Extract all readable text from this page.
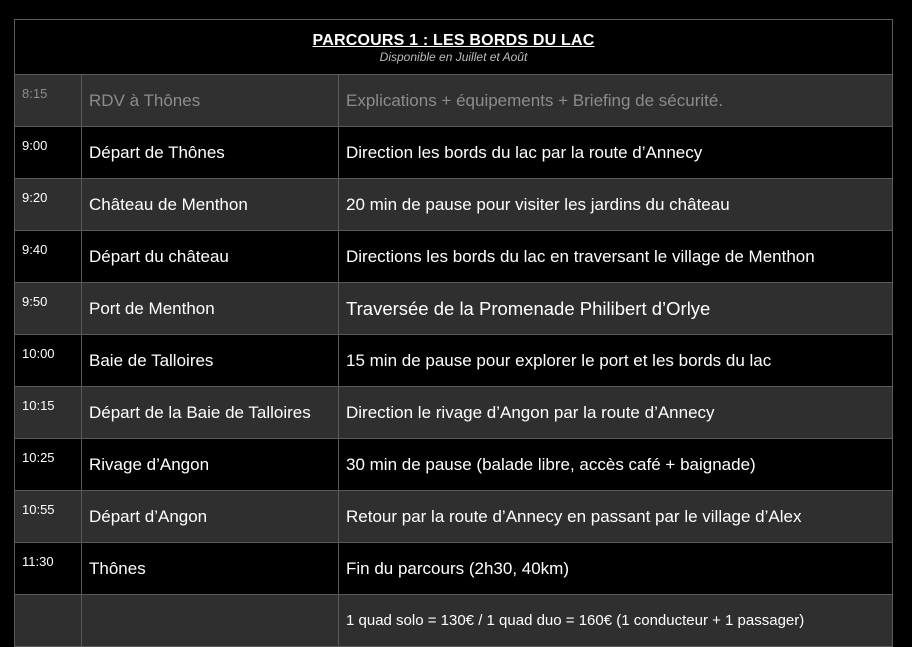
PARCOURS 1 : LES BORDS DU LAC
Disponible en Juillet et Août		

8:15	RDV à Thônes	Explications + équipements + Briefing de sécurité.
9:00	Départ de Thônes	Direction les bords du lac par la route d’Annecy
9:20	Château de Menthon	20 min de pause pour visiter les jardins du château
9:40	Départ du château	Directions les bords du lac en traversant le village de Menthon
9:50	Port de Menthon	Traversée de la Promenade Philibert d’Orlye
10:00	Baie de Talloires	15 min de pause pour explorer le port et les bords du lac
10:15	Départ de la Baie de Talloires	Direction le rivage d’Angon par la route d’Annecy
10:25	Rivage d’Angon	30 min de pause (balade libre, accès café + baignade)
10:55	Départ d’Angon	Retour par la route d’Annecy en passant par le village d’Alex
11:30	Thônes	Fin du parcours (2h30, 40km)
		1 quad solo = 130€ / 1 quad duo = 160€ (1 conducteur + 1 passager)
